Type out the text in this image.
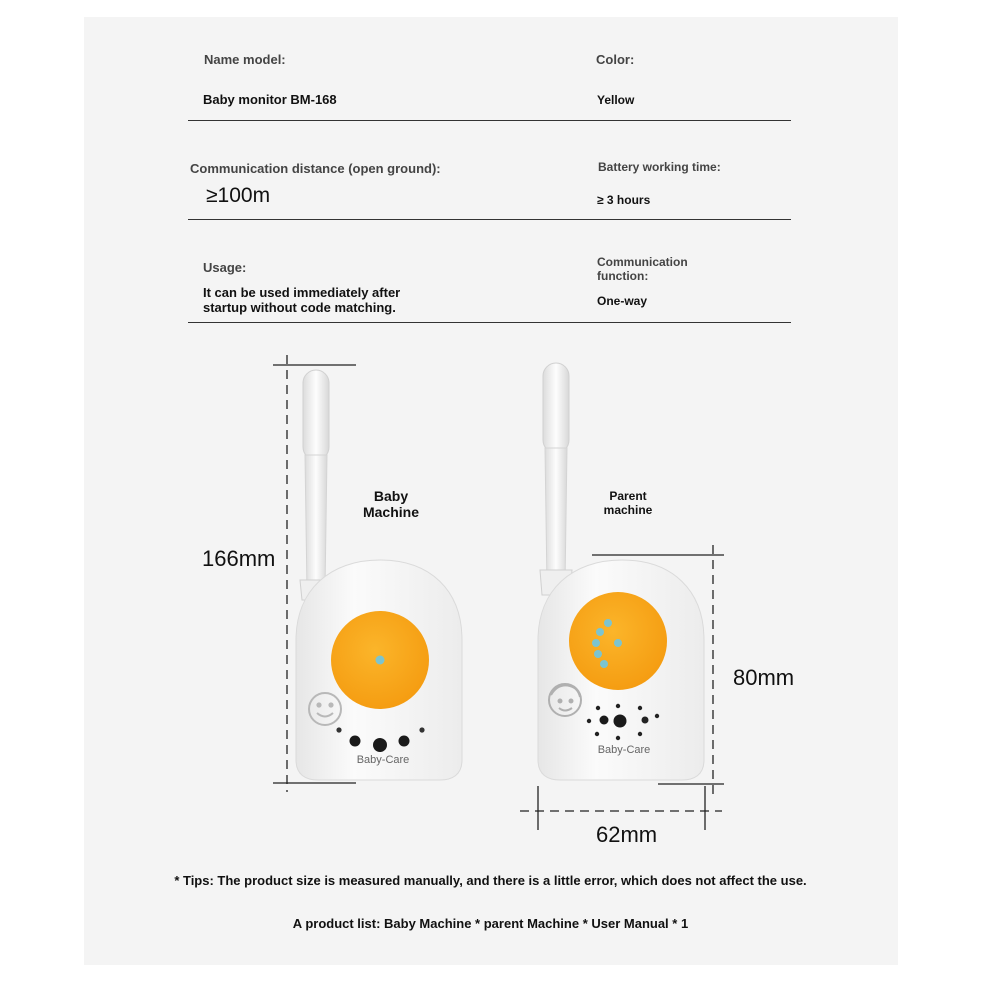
Name model:
Baby monitor BM-168
Color:
Yellow
Communication distance (open ground):
≥100m
Battery working time:
≥ 3 hours
Usage:
It can be used immediately after
startup without code matching.
Communication
function:
One-way
Baby-Care
Baby-Care
Baby
Machine
Parent
machine
166mm
80mm
62mm
* Tips: The product size is measured manually, and there is a little error, which does not affect the use.
A product list: Baby Machine * parent Machine * User Manual * 1
